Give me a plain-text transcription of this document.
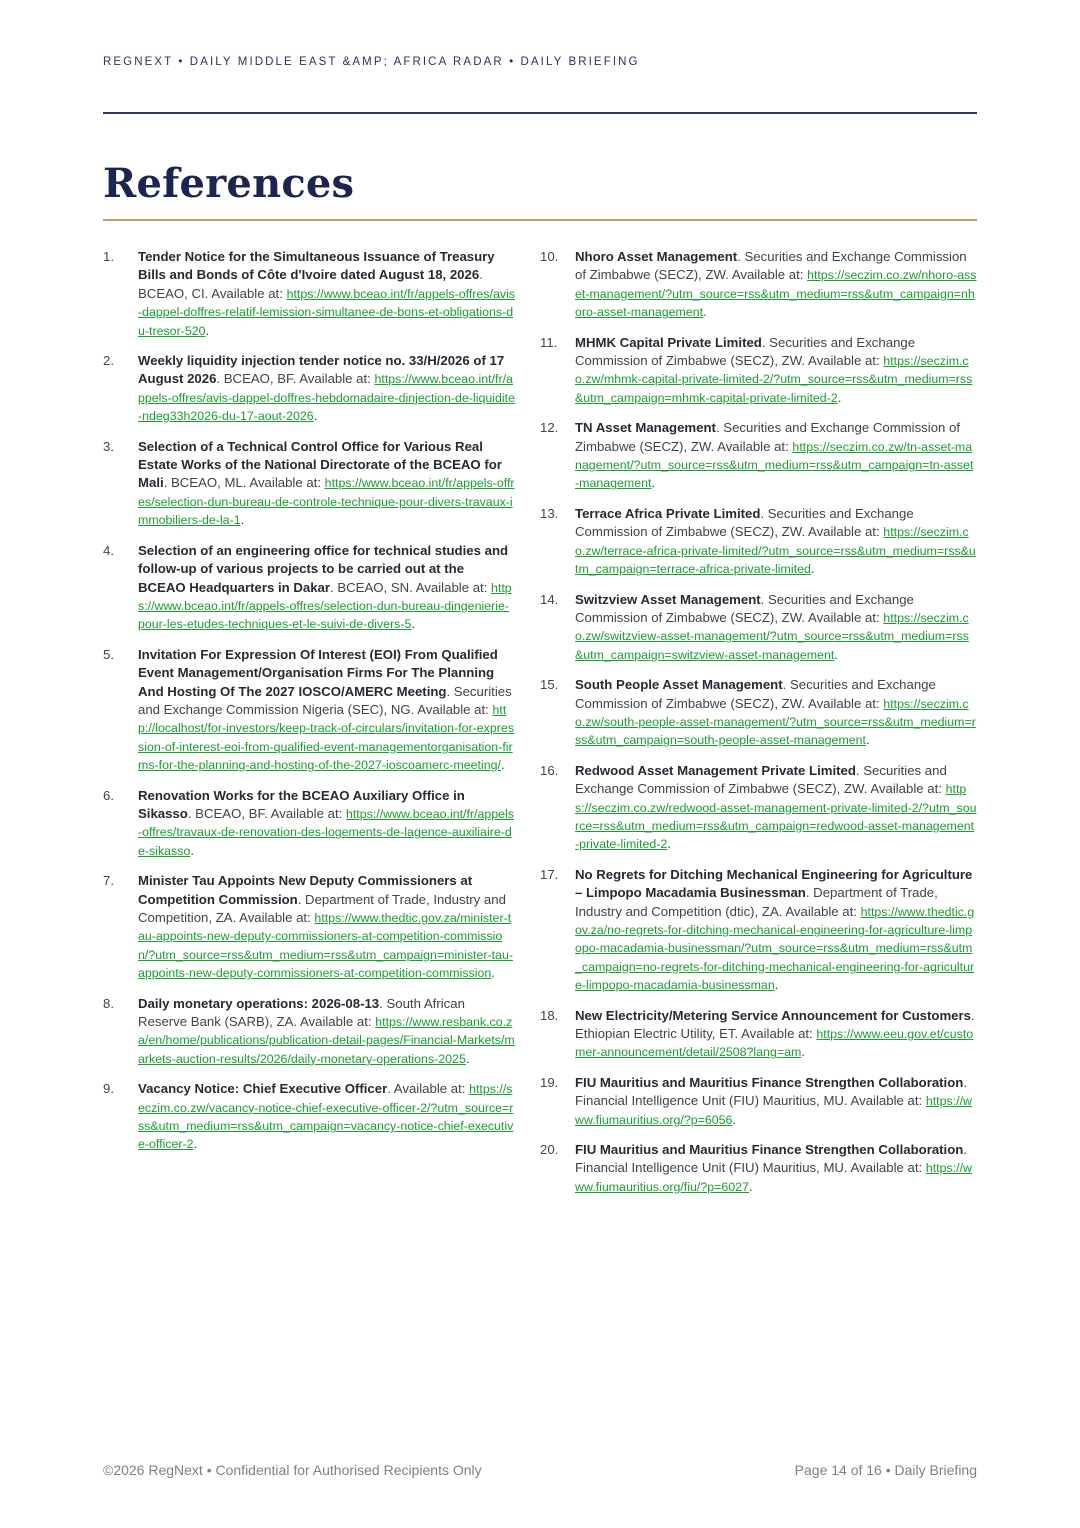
REGNEXT • DAILY MIDDLE EAST &AMP; AFRICA RADAR • DAILY BRIEFING
References
1. Tender Notice for the Simultaneous Issuance of Treasury Bills and Bonds of Côte d'Ivoire dated August 18, 2026. BCEAO, CI. Available at: https://www.bceao.int/fr/appels-offres/avis-dappel-doffres-relatif-lemission-simultanee-de-bons-et-obligations-du-tresor-520.
2. Weekly liquidity injection tender notice no. 33/H/2026 of 17 August 2026. BCEAO, BF. Available at: https://www.bceao.int/fr/appels-offres/avis-dappel-doffres-hebdomadaire-dinjection-de-liquidite-ndeg33h2026-du-17-aout-2026.
3. Selection of a Technical Control Office for Various Real Estate Works of the National Directorate of the BCEAO for Mali. BCEAO, ML. Available at: https://www.bceao.int/fr/appels-offres/selection-dun-bureau-de-controle-technique-pour-divers-travaux-immobiliers-de-la-1.
4. Selection of an engineering office for technical studies and follow-up of various projects to be carried out at the BCEAO Headquarters in Dakar. BCEAO, SN. Available at: https://www.bceao.int/fr/appels-offres/selection-dun-bureau-dingenierie-pour-les-etudes-techniques-et-le-suivi-de-divers-5.
5. Invitation For Expression Of Interest (EOI) From Qualified Event Management/Organisation Firms For The Planning And Hosting Of The 2027 IOSCO/AMERC Meeting. Securities and Exchange Commission Nigeria (SEC), NG. Available at: http://localhost/for-investors/keep-track-of-circulars/invitation-for-expression-of-interest-eoi-from-qualified-event-managementorganisation-firms-for-the-planning-and-hosting-of-the-2027-ioscoamerc-meeting/.
6. Renovation Works for the BCEAO Auxiliary Office in Sikasso. BCEAO, BF. Available at: https://www.bceao.int/fr/appels-offres/travaux-de-renovation-des-logements-de-lagence-auxiliaire-de-sikasso.
7. Minister Tau Appoints New Deputy Commissioners at Competition Commission. Department of Trade, Industry and Competition, ZA. Available at: https://www.thedtic.gov.za/minister-tau-appoints-new-deputy-commissioners-at-competition-commission/?utm_source=rss&utm_medium=rss&utm_campaign=minister-tau-appoints-new-deputy-commissioners-at-competition-commission.
8. Daily monetary operations: 2026-08-13. South African Reserve Bank (SARB), ZA. Available at: https://www.resbank.co.za/en/home/publications/publication-detail-pages/Financial-Markets/markets-auction-results/2026/daily-monetary-operations-2025.
9. Vacancy Notice: Chief Executive Officer. Available at: https://seczim.co.zw/vacancy-notice-chief-executive-officer-2/?utm_source=rss&utm_medium=rss&utm_campaign=vacancy-notice-chief-executive-officer-2.
10. Nhoro Asset Management. Securities and Exchange Commission of Zimbabwe (SECZ), ZW. Available at: https://seczim.co.zw/nhoro-asset-management/?utm_source=rss&utm_medium=rss&utm_campaign=nhoro-asset-management.
11. MHMK Capital Private Limited. Securities and Exchange Commission of Zimbabwe (SECZ), ZW. Available at: https://seczim.co.zw/mhmk-capital-private-limited-2/?utm_source=rss&utm_medium=rss&utm_campaign=mhmk-capital-private-limited-2.
12. TN Asset Management. Securities and Exchange Commission of Zimbabwe (SECZ), ZW. Available at: https://seczim.co.zw/tn-asset-management/?utm_source=rss&utm_medium=rss&utm_campaign=tn-asset-management.
13. Terrace Africa Private Limited. Securities and Exchange Commission of Zimbabwe (SECZ), ZW. Available at: https://seczim.co.zw/terrace-africa-private-limited/?utm_source=rss&utm_medium=rss&utm_campaign=terrace-africa-private-limited.
14. Switzview Asset Management. Securities and Exchange Commission of Zimbabwe (SECZ), ZW. Available at: https://seczim.co.zw/switzview-asset-management/?utm_source=rss&utm_medium=rss&utm_campaign=switzview-asset-management.
15. South People Asset Management. Securities and Exchange Commission of Zimbabwe (SECZ), ZW. Available at: https://seczim.co.zw/south-people-asset-management/?utm_source=rss&utm_medium=rss&utm_campaign=south-people-asset-management.
16. Redwood Asset Management Private Limited. Securities and Exchange Commission of Zimbabwe (SECZ), ZW. Available at: https://seczim.co.zw/redwood-asset-management-private-limited-2/?utm_source=rss&utm_medium=rss&utm_campaign=redwood-asset-management-private-limited-2.
17. No Regrets for Ditching Mechanical Engineering for Agriculture – Limpopo Macadamia Businessman. Department of Trade, Industry and Competition (dtic), ZA. Available at: https://www.thedtic.gov.za/no-regrets-for-ditching-mechanical-engineering-for-agriculture-limpopo-macadamia-businessman/?utm_source=rss&utm_medium=rss&utm_campaign=no-regrets-for-ditching-mechanical-engineering-for-agriculture-limpopo-macadamia-businessman.
18. New Electricity/Metering Service Announcement for Customers. Ethiopian Electric Utility, ET. Available at: https://www.eeu.gov.et/customer-announcement/detail/2508?lang=am.
19. FIU Mauritius and Mauritius Finance Strengthen Collaboration. Financial Intelligence Unit (FIU) Mauritius, MU. Available at: https://www.fiumauritius.org/?p=6056.
20. FIU Mauritius and Mauritius Finance Strengthen Collaboration. Financial Intelligence Unit (FIU) Mauritius, MU. Available at: https://www.fiumauritius.org/fiu/?p=6027.
©2026 RegNext • Confidential for Authorised Recipients Only	Page 14 of 16 • Daily Briefing
